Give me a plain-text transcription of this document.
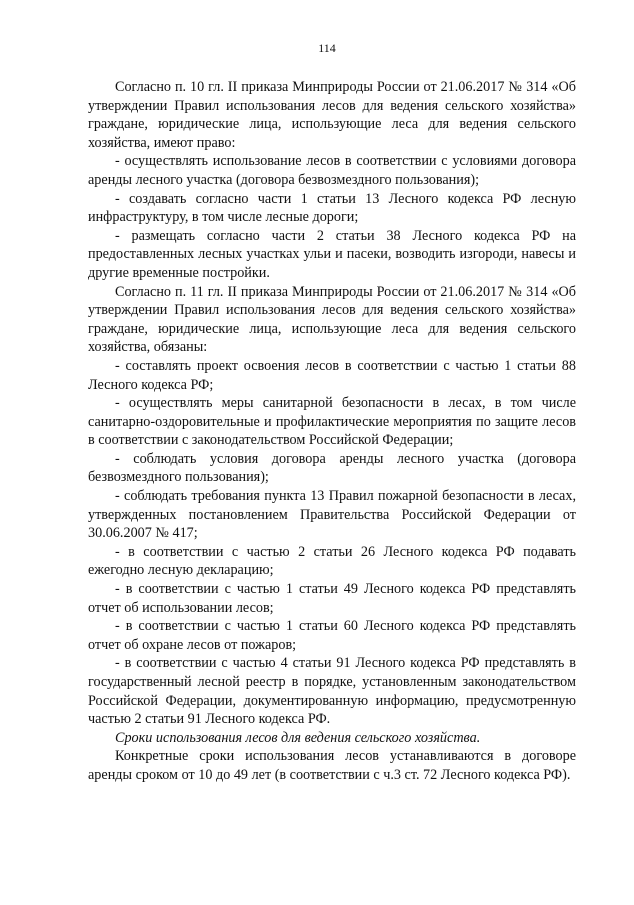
114

Согласно п. 10 гл. II приказа Минприроды России от 21.06.2017 № 314 «Об утверждении Правил использования лесов для ведения сельского хозяйства» граждане, юридические лица, использующие леса для ведения сельского хозяйства, имеют право:

- осуществлять использование лесов в соответствии с условиями договора аренды лесного участка (договора безвозмездного пользования);

- создавать согласно части 1 статьи 13 Лесного кодекса РФ лесную инфраструктуру, в том числе лесные дороги;

- размещать согласно части 2 статьи 38 Лесного кодекса РФ на предоставленных лесных участках ульи и пасеки, возводить изгороди, навесы и другие временные постройки.

Согласно п. 11 гл. II приказа Минприроды России от 21.06.2017 № 314 «Об утверждении Правил использования лесов для ведения сельского хозяйства» граждане, юридические лица, использующие леса для ведения сельского хозяйства, обязаны:

- составлять проект освоения лесов в соответствии с частью 1 статьи 88 Лесного кодекса РФ;

- осуществлять меры санитарной безопасности в лесах, в том числе санитарно-оздоровительные и профилактические мероприятия по защите лесов в соответствии с законодательством Российской Федерации;

- соблюдать условия договора аренды лесного участка (договора безвозмездного пользования);

- соблюдать требования пункта 13 Правил пожарной безопасности в лесах, утвержденных постановлением Правительства Российской Федерации от 30.06.2007 № 417;

- в соответствии с частью 2 статьи 26 Лесного кодекса РФ подавать ежегодно лесную декларацию;

- в соответствии с частью 1 статьи 49 Лесного кодекса РФ представлять отчет об использовании лесов;

- в соответствии с частью 1 статьи 60 Лесного кодекса РФ представлять отчет об охране лесов от пожаров;

- в соответствии с частью 4 статьи 91 Лесного кодекса РФ представлять в государственный лесной реестр в порядке, установленным законодательством Российской Федерации, документированную информацию, предусмотренную частью 2 статьи 91 Лесного кодекса РФ.

Сроки использования лесов для ведения сельского хозяйства.

Конкретные сроки использования лесов устанавливаются в договоре аренды сроком от 10 до 49 лет (в соответствии с ч.3 ст. 72 Лесного кодекса РФ).
